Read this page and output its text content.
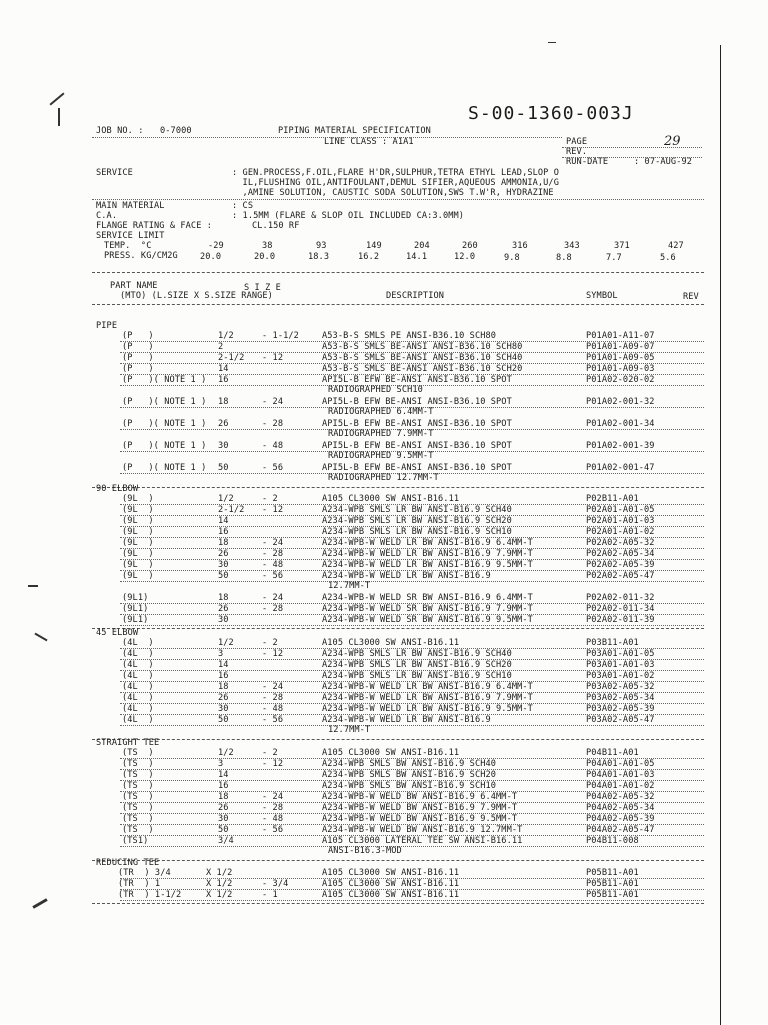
S-00-1360-003J
JOB NO. : 0-7000	PIPING MATERIAL SPECIFICATION
LINE CLASS : A1A1	PAGE	29
REV.
RUN-DATE	: 07-AUG-92
SERVICE	: GEN.PROCESS,F.OIL,FLARE H'DR,SULPHUR,TETRA ETHYL LEAD,SLOP O
IL,FLUSHING OIL,ANTIFOULANT,DEMUL SIFIER,AQUEOUS AMMONIA,U/G
,AMINE SOLUTION, CAUSTIC SODA SOLUTION,SWS T.W'R, HYDRAZINE
MAIN MATERIAL	: CS
C.A.	: 1.5MM (FLARE & SLOP OIL INCLUDED CA:3.0MM)
FLANGE RATING & FACE :	CL.150 RF
SERVICE LIMIT
TEMP.  °C
PRESS. KG/CM2G
-29	38	93	149	204	260	316	343	371	427
20.0	20.0	18.3	16.2	14.1	12.0	9.8	8.8	7.7	5.6
PART NAME	S I Z E
(MTO) (L.SIZE X S.SIZE RANGE)	DESCRIPTION	SYMBOL	REV
PIPE
(P   )	1/2	- 1-1/2	A53-B-S SMLS PE ANSI-B36.10 SCH80	P01A01-A11-07
(P   )	2	A53-B-S SMLS BE-ANSI ANSI-B36.10 SCH80	P01A01-A09-07
(P   )	2-1/2 - 12	A53-B-S SMLS BE-ANSI ANSI-B36.10 SCH40	P01A01-A09-05
(P   )	14	A53-B-S SMLS BE-ANSI ANSI-B36.10 SCH20	P01A01-A09-03
(P   )( NOTE 1 ) 16	API5L-B EFW BE-ANSI ANSI-B36.10 SPOT	P01A02-020-02
RADIOGRAPHED SCH10
(P   )( NOTE 1 ) 18	- 24	API5L-B EFW BE-ANSI ANSI-B36.10 SPOT	P01A02-001-32
RADIOGRAPHED 6.4MM-T
(P   )( NOTE 1 ) 26	- 28	API5L-B EFW BE-ANSI ANSI-B36.10 SPOT	P01A02-001-34
RADIOGRAPHED 7.9MM-T
(P   )( NOTE 1 ) 30	- 48	API5L-B EFW BE-ANSI ANSI-B36.10 SPOT	P01A02-001-39
RADIOGRAPHED 9.5MM-T
(P   )( NOTE 1 ) 50	- 56	API5L-B EFW BE-ANSI ANSI-B36.10 SPOT	P01A02-001-47
RADIOGRAPHED 12.7MM-T
90 ELBOW
(9L  )	1/2	- 2	A105 CL3000 SW ANSI-B16.11	P02B11-A01
(9L  )	2-1/2 - 12	A234-WPB SMLS LR BW ANSI-B16.9 SCH40	P02A01-A01-05
(9L  )	14	A234-WPB SMLS LR BW ANSI-B16.9 SCH20	P02A01-A01-03
(9L  )	16	A234-WPB SMLS LR BW ANSI-B16.9 SCH10	P02A01-A01-02
(9L  )	18	- 24	A234-WPB-W WELD LR BW ANSI-B16.9 6.4MM-T	P02A02-A05-32
(9L  )	26	- 28	A234-WPB-W WELD LR BW ANSI-B16.9 7.9MM-T	P02A02-A05-34
(9L  )	30	- 48	A234-WPB-W WELD LR BW ANSI-B16.9 9.5MM-T	P02A02-A05-39
(9L  )	50	- 56	A234-WPB-W WELD LR BW ANSI-B16.9	P02A02-A05-47
12.7MM-T
(9L1)	18	- 24	A234-WPB-W WELD SR BW ANSI-B16.9 6.4MM-T	P02A02-011-32
(9L1)	26	- 28	A234-WPB-W WELD SR BW ANSI-B16.9 7.9MM-T	P02A02-011-34
(9L1)	30	A234-WPB-W WELD SR BW ANSI-B16.9 9.5MM-T	P02A02-011-39
45 ELBOW
(4L  )	1/2	- 2	A105 CL3000 SW ANSI-B16.11	P03B11-A01
(4L  )	3	- 12	A234-WPB SMLS LR BW ANSI-B16.9 SCH40	P03A01-A01-05
(4L  )	14	A234-WPB SMLS LR BW ANSI-B16.9 SCH20	P03A01-A01-03
(4L  )	16	A234-WPB SMLS LR BW ANSI-B16.9 SCH10	P03A01-A01-02
(4L  )	18	- 24	A234-WPB-W WELD LR BW ANSI-B16.9 6.4MM-T	P03A02-A05-32
(4L  )	26	- 28	A234-WPB-W WELD LR BW ANSI-B16.9 7.9MM-T	P03A02-A05-34
(4L  )	30	- 48	A234-WPB-W WELD LR BW ANSI-B16.9 9.5MM-T	P03A02-A05-39
(4L  )	50	- 56	A234-WPB-W WELD LR BW ANSI-B16.9	P03A02-A05-47
12.7MM-T
STRAIGHT TEE
(TS  )	1/2	- 2	A105 CL3000 SW ANSI-B16.11	P04B11-A01
(TS  )	3	- 12	A234-WPB SMLS BW ANSI-B16.9 SCH40	P04A01-A01-05
(TS  )	14	A234-WPB SMLS BW ANSI-B16.9 SCH20	P04A01-A01-03
(TS  )	16	A234-WPB SMLS BW ANSI-B16.9 SCH10	P04A01-A01-02
(TS  )	18	- 24	A234-WPB-W WELD BW ANSI-B16.9 6.4MM-T	P04A02-A05-32
(TS  )	26	- 28	A234-WPB-W WELD BW ANSI-B16.9 7.9MM-T	P04A02-A05-34
(TS  )	30	- 48	A234-WPB-W WELD BW ANSI-B16.9 9.5MM-T	P04A02-A05-39
(TS  )	50	- 56	A234-WPB-W WELD BW ANSI-B16.9 12.7MM-T	P04A02-A05-47
(TS1)	3/4	A105 CL3000 LATERAL TEE SW ANSI-B16.11	P04B11-008
ANSI-B16.3-MOD
REDUCING TEE
(TR  ) 3/4	X 1/2	A105 CL3000 SW ANSI-B16.11	P05B11-A01
(TR  ) 1	X 1/2	- 3/4	A105 CL3000 SW ANSI-B16.11	P05B11-A01
(TR  ) 1-1/2	X 1/2	- 1	A105 CL3000 SW ANSI-B16.11	P05B11-A01
